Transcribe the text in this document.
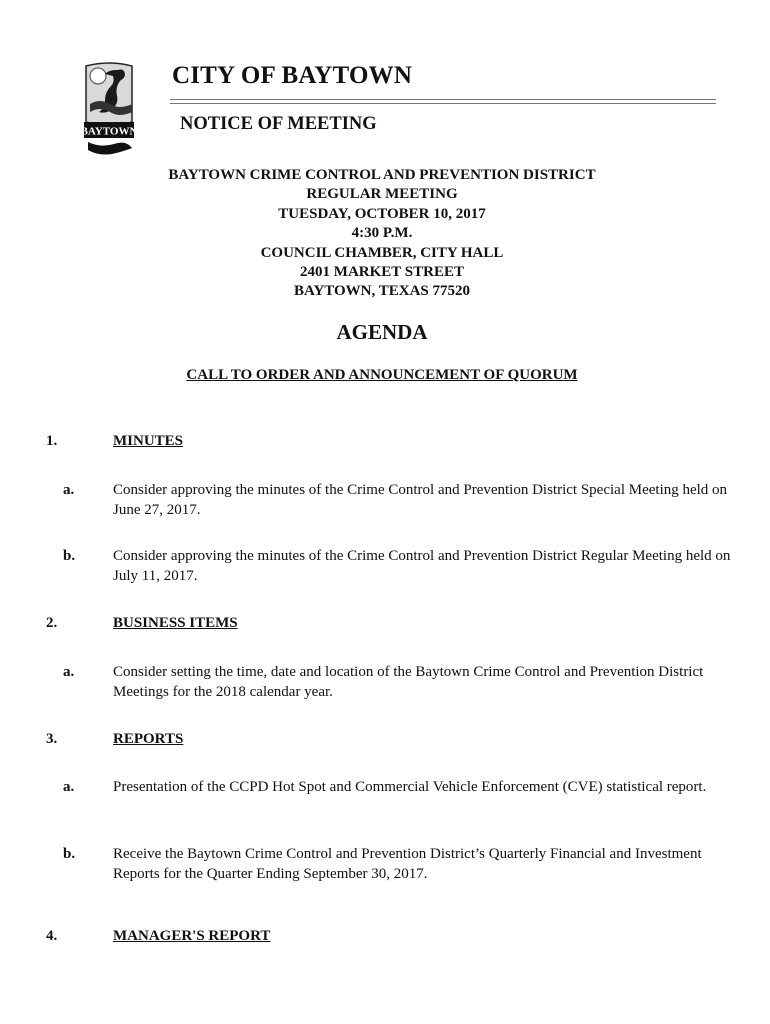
BAYTOWN
CITY OF BAYTOWN
NOTICE OF MEETING
BAYTOWN CRIME CONTROL AND PREVENTION DISTRICT
REGULAR MEETING
TUESDAY, OCTOBER 10, 2017
4:30 P.M.
COUNCIL CHAMBER, CITY HALL
2401 MARKET STREET
BAYTOWN, TEXAS 77520
AGENDA
CALL TO ORDER AND ANNOUNCEMENT OF QUORUM
1.	MINUTES
a.	Consider approving the minutes of the Crime Control and Prevention District Special Meeting held on June 27, 2017.
b.	Consider approving the minutes of the Crime Control and Prevention District Regular Meeting held on July 11, 2017.
2.	BUSINESS ITEMS
a.	Consider setting the time, date and location of the Baytown Crime Control and Prevention District Meetings for the 2018 calendar year.
3.	REPORTS
a.	Presentation of the CCPD Hot Spot and Commercial Vehicle Enforcement (CVE) statistical report.
b.	Receive the Baytown Crime Control and Prevention District’s Quarterly Financial and Investment Reports for the Quarter Ending September 30, 2017.
4.	MANAGER'S REPORT
